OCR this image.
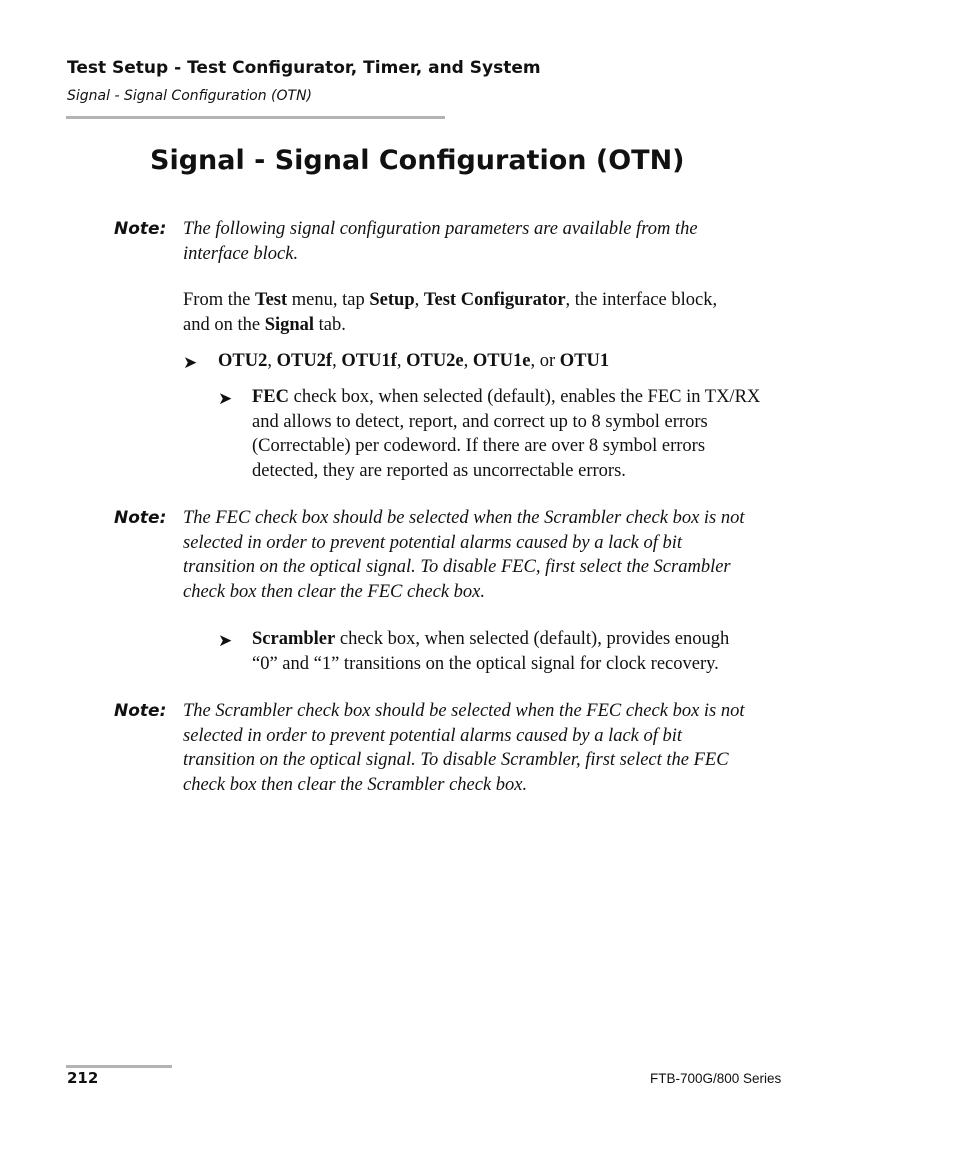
Test Setup - Test Configurator, Timer, and System
Signal - Signal Configuration (OTN)
Signal - Signal Configuration (OTN)
Note: The following signal configuration parameters are available from the
interface block.
From the Test menu, tap Setup, Test Configurator, the interface block,
and on the Signal tab.
➤ OTU2, OTU2f, OTU1f, OTU2e, OTU1e, or OTU1
➤ FEC check box, when selected (default), enables the FEC in TX/RX
and allows to detect, report, and correct up to 8 symbol errors
(Correctable) per codeword. If there are over 8 symbol errors
detected, they are reported as uncorrectable errors.
Note: The FEC check box should be selected when the Scrambler check box is not
selected in order to prevent potential alarms caused by a lack of bit
transition on the optical signal. To disable FEC, first select the Scrambler
check box then clear the FEC check box.
➤ Scrambler check box, when selected (default), provides enough
“0” and “1” transitions on the optical signal for clock recovery.
Note: The Scrambler check box should be selected when the FEC check box is not
selected in order to prevent potential alarms caused by a lack of bit
transition on the optical signal. To disable Scrambler, first select the FEC
check box then clear the Scrambler check box.
212	FTB-700G/800 Series
